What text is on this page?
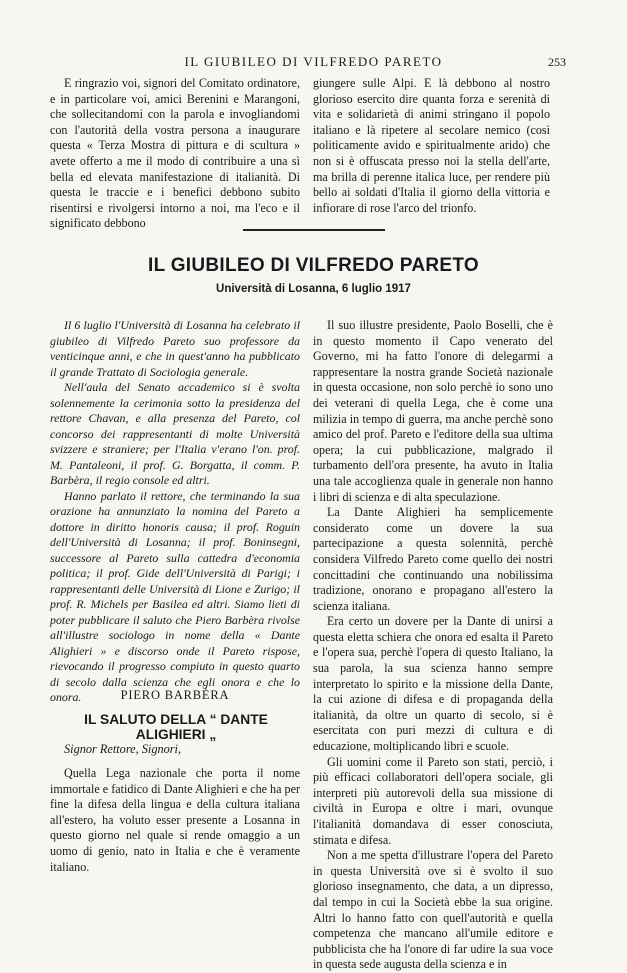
IL GIUBILEO DI VILFREDO PARETO	253

E ringrazio voi, signori del Comitato ordinatore, e in particolare voi, amici Berenini e Marangoni, che sollecitandomi con la parola e invogliandomi con l'autorità della vostra persona a inaugurare questa « Terza Mostra di pittura e di scultura » avete offerto a me il modo di contribuire a una sì bella ed elevata manifestazione di italianità. Di questa le traccie e i benefici debbono subito risentirsi e rivolgersi intorno a noi, ma l'eco e il significato debbono

giungere sulle Alpi. E là debbono al nostro glorioso esercito dire quanta forza e serenità di vita e solidarietà di animi stringano il popolo italiano e là ripetere al secolare nemico (così politicamente avido e spiritualmente arido) che non si è offuscata presso noi la stella dell'arte, ma brilla di perenne italica luce, per rendere più bello ai soldati d'Italia il giorno della vittoria e infiorare di rose l'arco del trionfo.

IL GIUBILEO DI VILFREDO PARETO
Università di Losanna, 6 luglio 1917

Il 6 luglio l'Università di Losanna ha celebrato il giubileo di Vilfredo Pareto suo professore da venticinque anni, e che in quest'anno ha pubblicato il grande Trattato di Sociologia generale.

Nell'aula del Senato accademico si è svolta solennemente la cerimonia sotto la presidenza del rettore Chavan, e alla presenza del Pareto, col concorso dei rappresentanti di molte Università svizzere e straniere; per l'Italia v'erano l'on. prof. M. Pantaleoni, il prof. G. Borgatta, il comm. P. Barbèra, il regio console ed altri.

Hanno parlato il rettore, che terminando la sua orazione ha annunziato la nomina del Pareto a dottore in diritto honoris causa; il prof. Roguin dell'Università di Losanna; il prof. Boninsegni, successore al Pareto sulla cattedra d'economia politica; il prof. Gide dell'Università di Parigi; i rappresentanti delle Università di Lione e Zurigo; il prof. R. Michels per Basilea ed altri. Siamo lieti di poter pubblicare il saluto che Piero Barbèra rivolse all'illustre sociologo in nome della « Dante Alighieri » e discorso onde il Pareto rispose, rievocando il progresso compiuto in questo quarto di secolo dalla scienza che egli onora e che lo onora.	PIERO BARBÈRA
IL SALUTO DELLA “ DANTE ALIGHIERI „
Signor Rettore, Signori,

Quella Lega nazionale che porta il nome immortale e fatidico di Dante Alighieri e che ha per fine la difesa della lingua e della cultura italiana all'estero, ha voluto esser presente a Losanna in questo giorno nel quale si rende omaggio a un uomo di genio, nato in Italia e che è veramente italiano.

Il suo illustre presidente, Paolo Boselli, che è in questo momento il Capo venerato del Governo, mi ha fatto l'onore di delegarmi a rappresentare la nostra grande Società nazionale in questa occasione, non solo perchè io sono uno dei veterani di quella Lega, che è come una milizia in tempo di guerra, ma anche perchè sono amico del prof. Pareto e l'editore della sua ultima opera; la cui pubblicazione, malgrado il turbamento dell'ora presente, ha avuto in Italia una tale accoglienza quale in generale non hanno i libri di scienza e di alta speculazione.

La Dante Alighieri ha semplicemente considerato come un dovere la sua partecipazione a questa solennità, perchè considera Vilfredo Pareto come quello dei nostri concittadini che continuando una nobilissima tradizione, onorano e propagano all'estero la scienza italiana.

Era certo un dovere per la Dante di unirsi a questa eletta schiera che onora ed esalta il Pareto e l'opera sua, perchè l'opera di questo Italiano, la sua parola, la sua scienza hanno sempre interpretato lo spirito e la missione della Dante, la cui azione di difesa e di propaganda della italianità, da oltre un quarto di secolo, si è esercitata con puri mezzi di cultura e di educazione, moltiplicando libri e scuole.

Gli uomini come il Pareto son stati, perciò, i più efficaci collaboratori dell'opera sociale, gli interpreti più autorevoli della sua missione di civiltà in Europa e oltre i mari, ovunque l'italianità domandava di esser conosciuta, stimata e difesa.

Non a me spetta d'illustrare l'opera del Pareto in questa Università ove si è svolto il suo glorioso insegnamento, che data, a un dipresso, dal tempo in cui la Società ebbe la sua origine. Altri lo hanno fatto con quell'autorità e quella competenza che mancano all'umile editore e pubblicista che ha l'onore di far udire la sua voce in questa sede augusta della scienza e in
